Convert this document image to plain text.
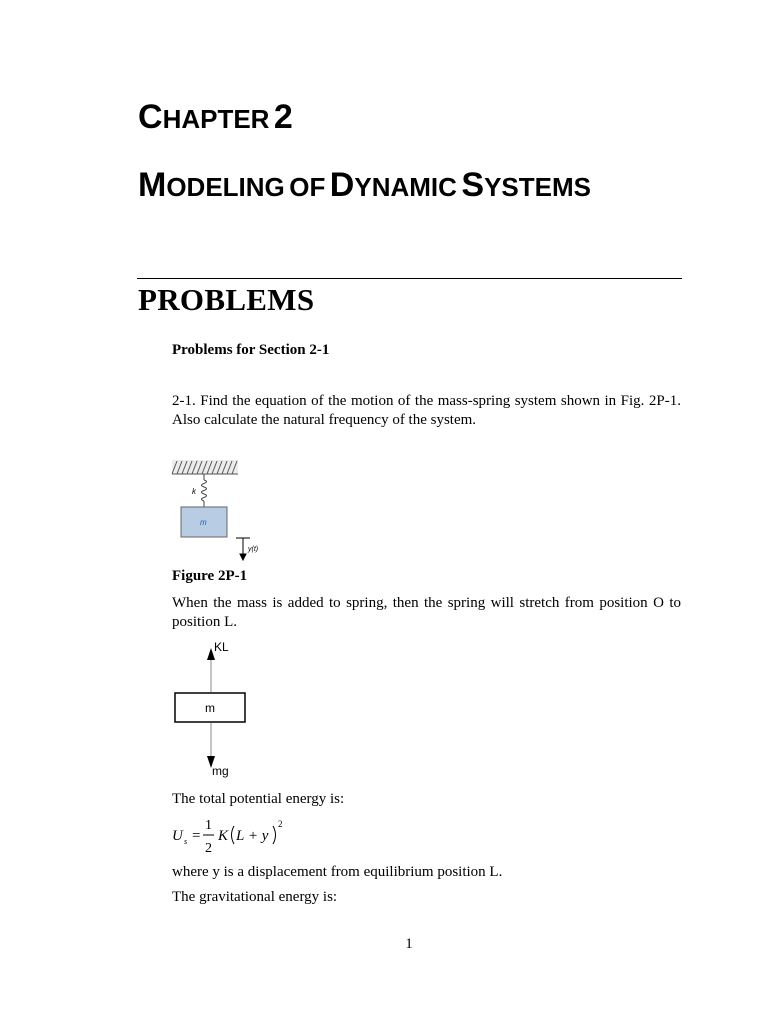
CHAPTER 2
MODELING OF DYNAMIC SYSTEMS
PROBLEMS
Problems for Section 2-1
2-1. Find the equation of the motion of the mass-spring system shown in Fig. 2P-1. Also calculate the natural frequency of the system.
k
m
y(t)
Figure 2P-1
When the mass is added to spring, then the spring will stretch from position O to position L.
KL
m
mg
The total potential energy is:
U s =
1
2
K L + y
2
where y is a displacement from equilibrium position L.
The gravitational energy is:
1
